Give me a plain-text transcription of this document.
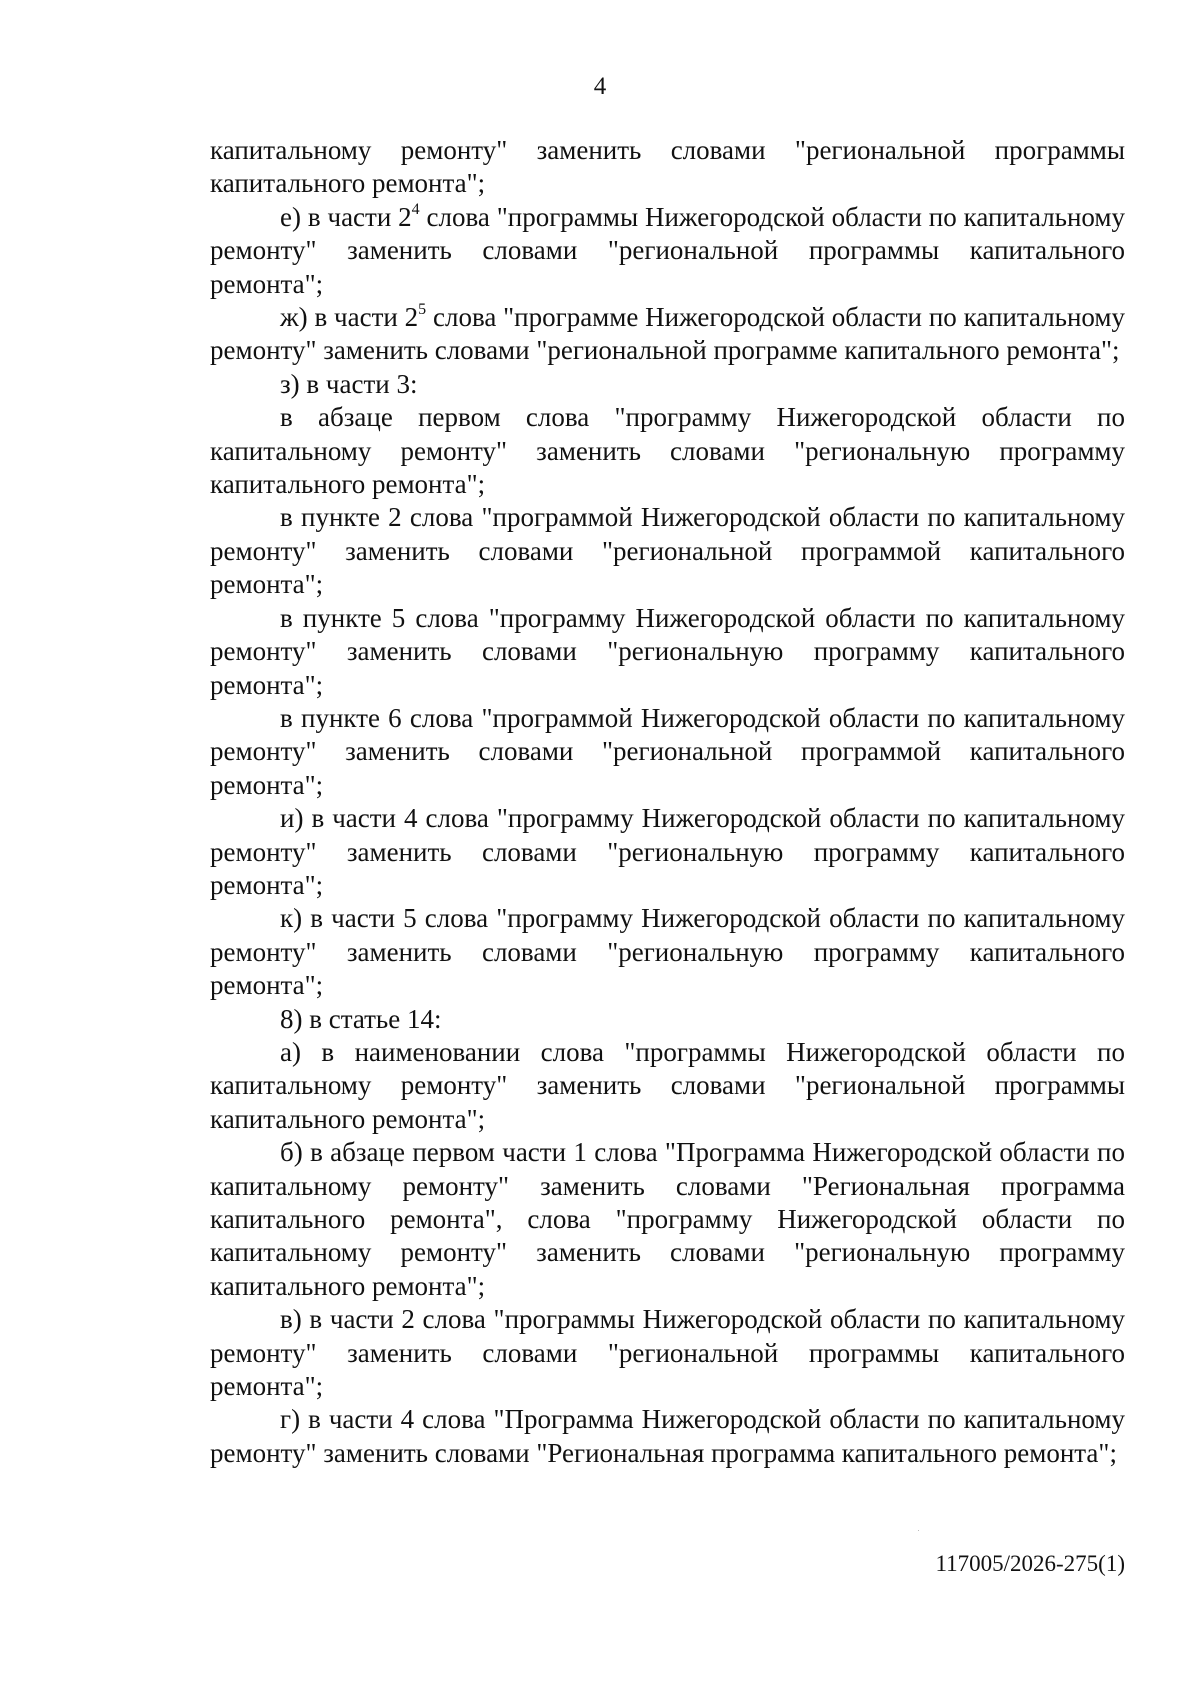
4

капитальному ремонту" заменить словами "региональной программы капитального ремонта";

е) в части $2^4$ слова "программы Нижегородской области по капитальному ремонту" заменить словами "региональной программы капитального ремонта";

ж) в части $2^5$ слова "программе Нижегородской области по капитальному ремонту" заменить словами "региональной программе капитального ремонта";

з) в части 3:

в абзаце первом слова "программу Нижегородской области по капитальному ремонту" заменить словами "региональную программу капитального ремонта";

в пункте 2 слова "программой Нижегородской области по капитальному ремонту" заменить словами "региональной программой капитального ремонта";

в пункте 5 слова "программу Нижегородской области по капитальному ремонту" заменить словами "региональную программу капитального ремонта";

в пункте 6 слова "программой Нижегородской области по капитальному ремонту" заменить словами "региональной программой капитального ремонта";

и) в части 4 слова "программу Нижегородской области по капитальному ремонту" заменить словами "региональную программу капитального ремонта";

к) в части 5 слова "программу Нижегородской области по капитальному ремонту" заменить словами "региональную программу капитального ремонта";

8) в статье 14:

а) в наименовании слова "программы Нижегородской области по капитальному ремонту" заменить словами "региональной программы капитального ремонта";

б) в абзаце первом части 1 слова "Программа Нижегородской области по капитальному ремонту" заменить словами "Региональная программа капитального ремонта", слова "программу Нижегородской области по капитальному ремонту" заменить словами "региональную программу капитального ремонта";

в) в части 2 слова "программы Нижегородской области по капитальному ремонту" заменить словами "региональной программы капитального ремонта";

г) в части 4 слова "Программа Нижегородской области по капитальному ремонту" заменить словами "Региональная программа капитального ремонта";

117005/2026-275(1)
